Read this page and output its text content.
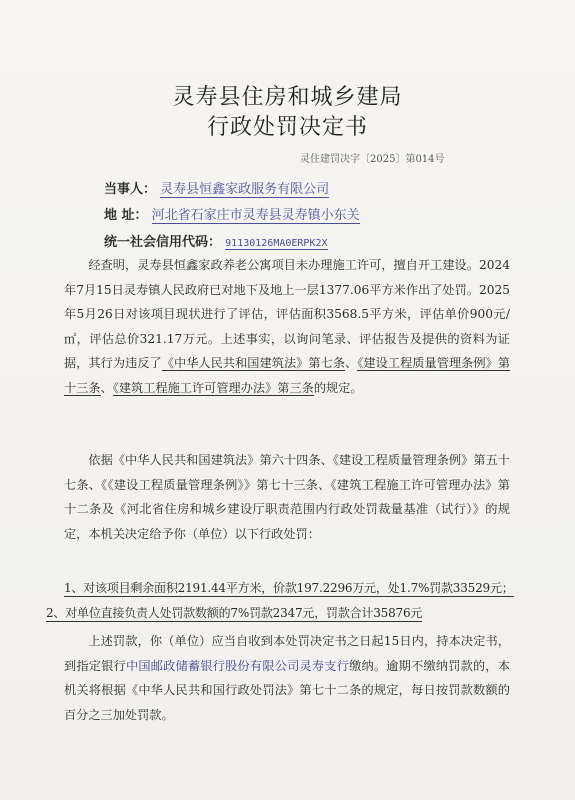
灵寿县住房和城乡建局
行政处罚决定书
灵住建罚决字〔2025〕第014号
当事人： 灵寿县恒鑫家政服务有限公司
地 址： 河北省石家庄市灵寿县灵寿镇小东关
统一社会信用代码： 91130126MA0ERPK2X
经查明，灵寿县恒鑫家政养老公寓项目未办理施工许可，擅自开工建设。2024年7月15日灵寿镇人民政府已对地下及地上一层1377.06平方米作出了处罚。2025年5月26日对该项目现状进行了评估，评估面积3568.5平方米，评估单价900元/㎡，评估总价321.17万元。上述事实，以询问笔录、评估报告及提供的资料为证据，其行为违反了《中华人民共和国建筑法》第七条、《建设工程质量管理条例》第十三条、《建筑工程施工许可管理办法》第三条的规定。
依据《中华人民共和国建筑法》第六十四条、《建设工程质量管理条例》第五十七条、《《建设工程质量管理条例》》第七十三条、《建筑工程施工许可管理办法》第十二条及《河北省住房和城乡建设厅职责范围内行政处罚裁量基准（试行）》的规定，本机关决定给予你（单位）以下行政处罚：
1、对该项目剩余面积2191.44平方米，价款197.2296万元，处1.7%罚款33529元；
2、对单位直接负责人处罚款数额的7%罚款2347元，罚款合计35876元
上述罚款，你（单位）应当自收到本处罚决定书之日起15日内，持本决定书，到指定银行中国邮政储蓄银行股份有限公司灵寿支行缴纳。逾期不缴纳罚款的，本机关将根据《中华人民共和国行政处罚法》第七十二条的规定，每日按罚款数额的百分之三加处罚款。
